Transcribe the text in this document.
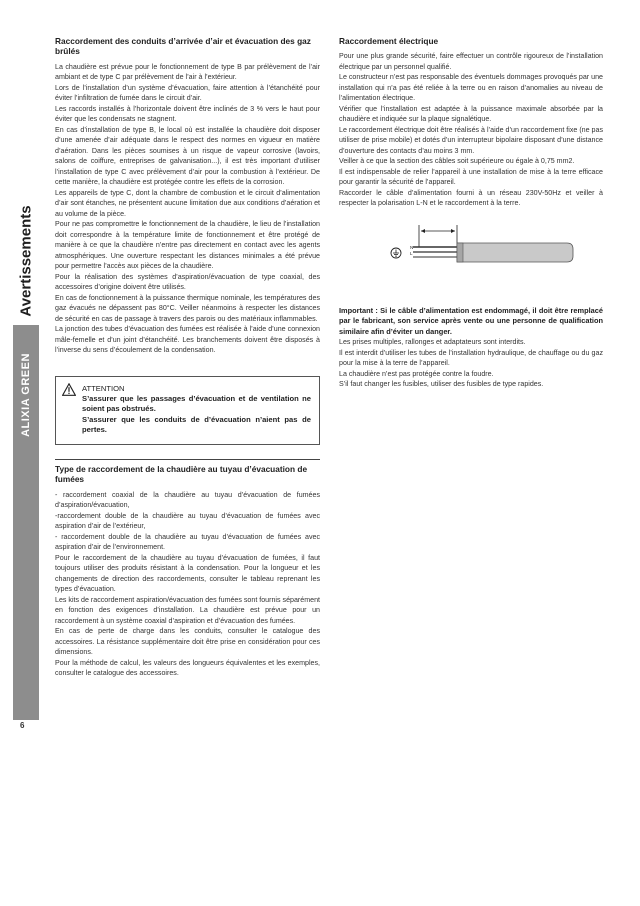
Avertissements
ALIXIA GREEN
6
Raccordement des conduits d’arrivée d’air et évacuation des gaz brûlés

La chaudière est prévue pour le fonctionnement de type B par prélèvement de l’air ambiant et de type C par prélèvement de l’air à l’extérieur.

Lors de l’installation d’un système d’évacuation, faire attention à l’étanchéité pour éviter l’infiltration de fumée dans le circuit d’air.

Les raccords installés à l’horizontale doivent être inclinés de 3 % vers le haut pour éviter que les condensats ne stagnent.

En cas d’installation de type B, le local où est installée la chaudière doit disposer d’une amenée d’air adéquate dans le respect des normes en vigueur en matière d’aération. Dans les pièces soumises à un risque de vapeur corrosive (lavoirs, salons de coiffure, entreprises de galvanisation...), il est très important d’utiliser l’installation de type C avec prélèvement d’air pour la combustion à l’extérieur. De cette manière, la chaudière est protégée contre les effets de la corrosion.

Les appareils de type C, dont la chambre de combustion et le circuit d’alimentation d’air sont étanches, ne présentent aucune limitation due aux conditions d’aération et au volume de la pièce.

Pour ne pas compromettre le fonctionnement de la chaudière, le lieu de l’installation doit correspondre à la température limite de fonctionnement et être protégé de manière à ce que la chaudière n’entre pas directement en contact avec les agents atmosphériques. Une ouverture respectant les distances minimales a été prévue pour permettre l’accès aux pièces de la chaudière.

Pour la réalisation des systèmes d’aspiration/évacuation de type coaxial, des accessoires d’origine doivent être utilisés.

En cas de fonctionnement à la puissance thermique nominale, les températures des gaz évacués ne dépassent pas 80°C. Veiller néanmoins à respecter les distances de sécurité en cas de passage à travers des parois ou des matériaux inflammables.

La jonction des tubes d’évacuation des fumées est réalisée à l’aide d’une connexion mâle-femelle et d’un joint d’étanchéité. Les branchements doivent être disposés à l’inverse du sens d’écoulement de la condensation.

ATTENTION
S’assurer que les passages d’évacuation et de ventilation ne soient pas obstrués.
S’assurer que les conduits de d’évacuation n’aient pas de pertes.
Type de raccordement de la chaudière au tuyau d’évacuation de fumées

- raccordement coaxial de la chaudière au tuyau d’évacuation de fumées d’aspiration/évacuation,

-raccordement double de la chaudière au tuyau d’évacuation de fumées avec aspiration d’air de l’extérieur,

- raccordement double de la chaudière au tuyau d’évacuation de fumées avec aspiration d’air de l’environnement.

Pour le raccordement de la chaudière au tuyau d’évacuation de fumées, il faut toujours utiliser des produits résistant à la condensation. Pour la longueur et les changements de direction des raccordements, consulter le tableau reprenant les types d’évacuation.

Les kits de raccordement aspiration/évacuation des fumées sont fournis séparément en fonction des exigences d’installation. La chaudière est prévue pour un raccordement à un système coaxial d’aspiration et d’évacuation des fumées.

En cas de perte de charge dans les conduits, consulter le catalogue des accessoires. La résistance supplémentaire doit être prise en considération pour ces dimensions.

Pour la méthode de calcul, les valeurs des longueurs équivalentes et les exemples, consulter le catalogue des accessoires.

Raccordement électrique

Pour une plus grande sécurité, faire effectuer un contrôle rigoureux de l’installation électrique par un personnel qualifié.

Le constructeur n’est pas responsable des éventuels dommages provoqués par une installation qui n’a pas été reliée à la terre ou en raison d’anomalies au niveau de l’alimentation électrique.

Vérifier que l’installation est adaptée à la puissance maximale absorbée par la chaudière et indiquée sur la plaque signalétique.

Le raccordement électrique doit être réalisés à l’aide d’un raccordement fixe (ne pas utiliser de prise mobile) et dotés d’un interrupteur bipolaire disposant d’une distance d’ouverture des contacts d’au moins 3 mm.

Veiller à ce que la section des câbles soit supérieure ou égale à 0,75 mm2.

Il est indispensable de relier l’appareil à une installation de mise à la terre efficace pour garantir la sécurité de l’appareil.

Raccorder le câble d’alimentation fourni à un réseau 230V-50Hz et veiller à respecter la polarisation L-N et le raccordement à la terre.

N
L
Important : Si le câble d’alimentation est endommagé, il doit être remplacé par le fabricant, son service après vente ou une personne de qualification similaire afin d’éviter un danger.

Les prises multiples, rallonges et adaptateurs sont interdits.

Il est interdit d’utiliser les tubes de l’installation hydraulique, de chauffage ou du gaz pour la mise à la terre de l’appareil.

La chaudière n’est pas protégée contre la foudre.

S’il faut changer les fusibles, utiliser des fusibles de type rapides.
